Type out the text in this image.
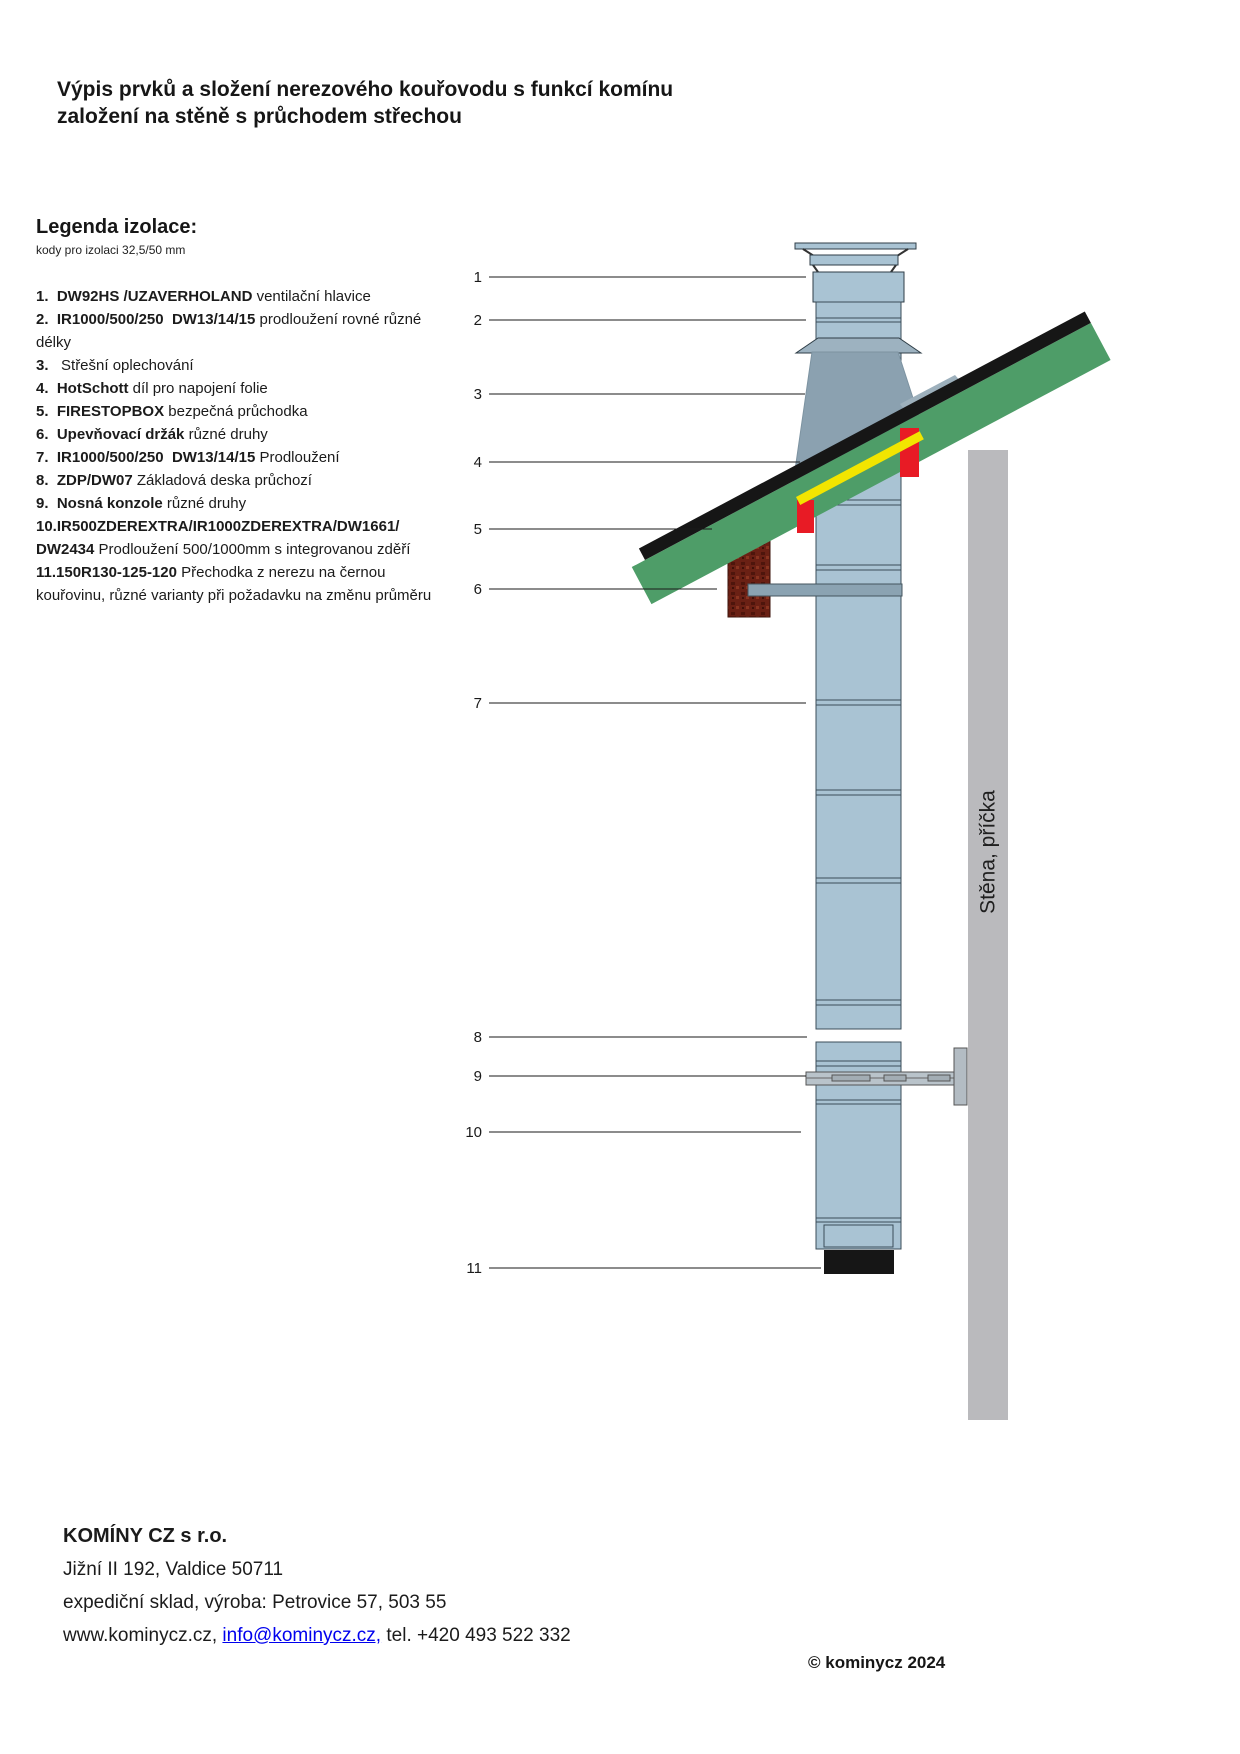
Výpis prvků a složení nerezového kouřovodu s funkcí komínu
založení na stěně s průchodem střechou
Legenda izolace:
kody pro izolaci 32,5/50 mm
1.  DW92HS /UZAVERHOLAND ventilační hlavice
2.  IR1000/500/250  DW13/14/15 prodloužení rovné různé délky
3.   Střešní oplechování
4.  HotSchott díl pro napojení folie
5.  FIRESTOPBOX bezpečná průchodka
6.  Upevňovací držák různé druhy
7.  IR1000/500/250  DW13/14/15 Prodloužení
8.  ZDP/DW07 Základová deska průchozí
9.  Nosná konzole různé druhy
10.IR500ZDEREXTRA/IR1000ZDEREXTRA/DW1661/
DW2434 Prodloužení 500/1000mm s integrovanou zděří
11.150R130-125-120 Přechodka z nerezu na černou kouřovinu, různé varianty při požadavku na změnu průměru
Stěna, příčka
1
2
3
4
5
6
7
8
9
10
11
KOMÍNY CZ s r.o.
Jižní II 192, Valdice 50711
expediční sklad, výroba: Petrovice 57, 503 55
www.kominycz.cz, info@kominycz.cz, tel. +420 493 522 332
© kominycz 2024
